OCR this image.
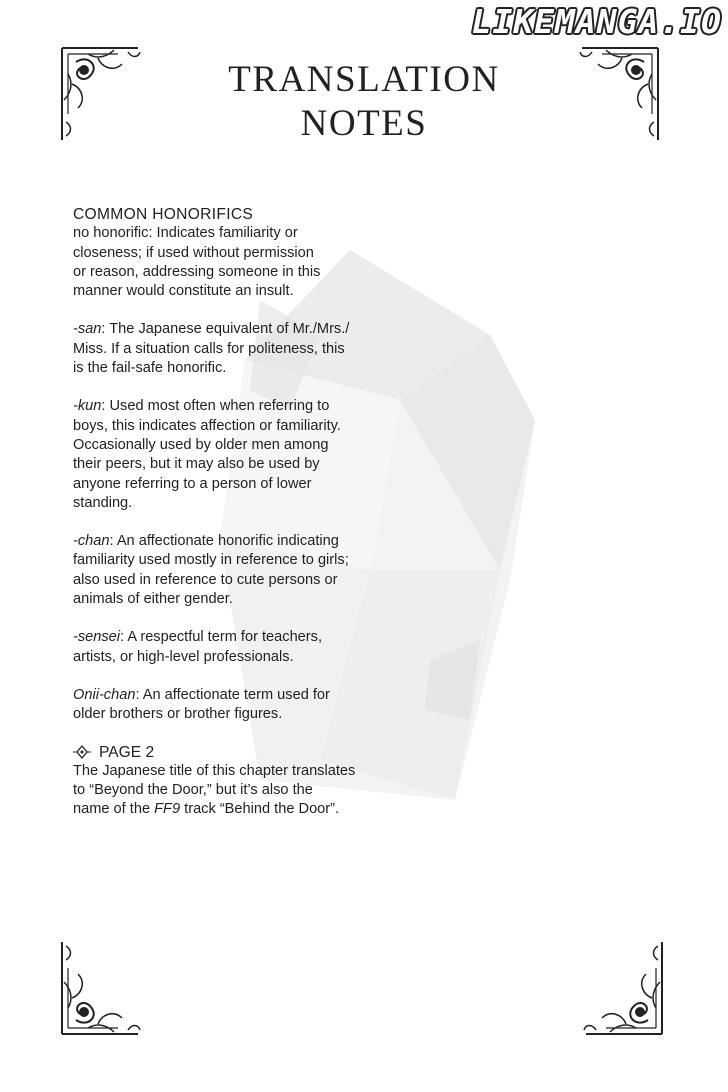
LIKEMANGA.IO
TRANSLATION
NOTES
COMMON HONORIFICS
no honorific: Indicates familiarity or
closeness; if used without permission
or reason, addressing someone in this
manner would constitute an insult.
-san: The Japanese equivalent of Mr./Mrs./
Miss. If a situation calls for politeness, this
is the fail-safe honorific.
-kun: Used most often when referring to
boys, this indicates affection or familiarity.
Occasionally used by older men among
their peers, but it may also be used by
anyone referring to a person of lower
standing.
-chan: An affectionate honorific indicating
familiarity used mostly in reference to girls;
also used in reference to cute persons or
animals of either gender.
-sensei: A respectful term for teachers,
artists, or high-level professionals.
Onii-chan: An affectionate term used for
older brothers or brother figures.
PAGE 2
The Japanese title of this chapter translates
to “Beyond the Door,” but it’s also the
name of the FF9 track “Behind the Door”.
